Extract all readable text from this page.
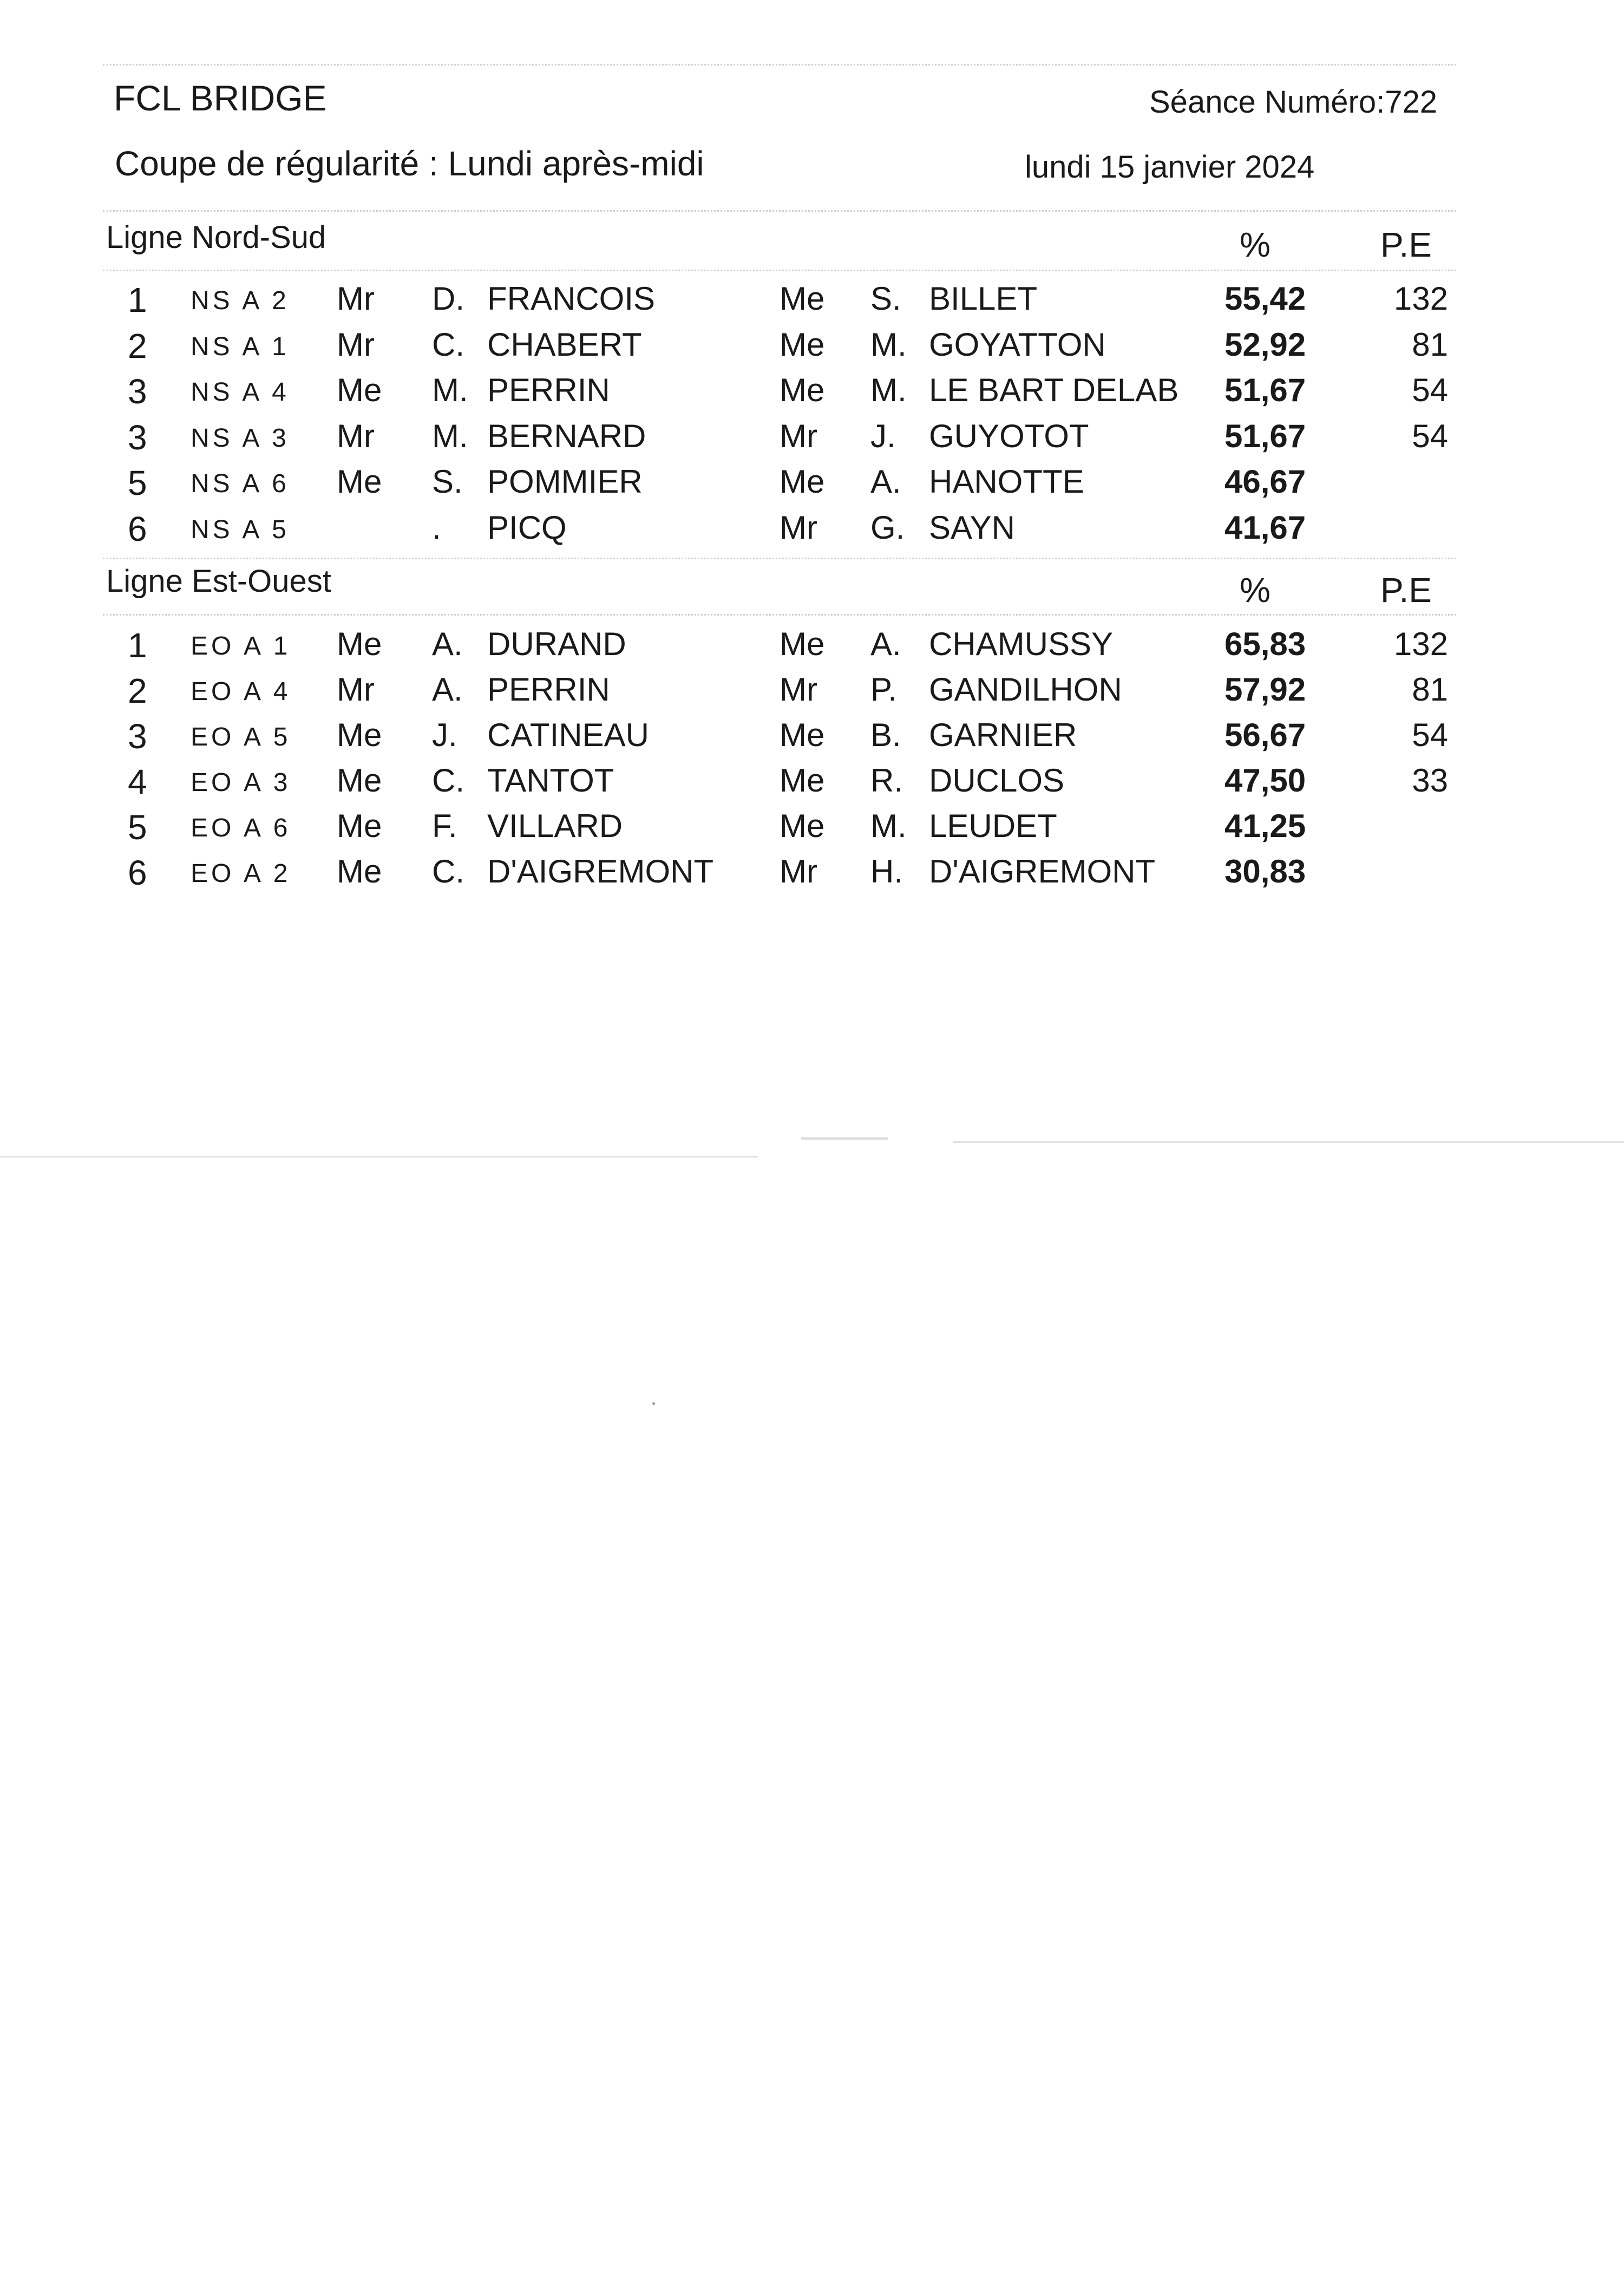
FCL BRIDGE	Séance Numéro:722
Coupe de régularité : Lundi après-midi	lundi 15 janvier 2024
Ligne Nord-Sud	%	P.E
1 NS A 2 Mr D. FRANCOIS	Me S. BILLET	55,42	132
2 NS A 1 Mr C. CHABERT	Me M. GOYATTON	52,92	81
3 NS A 4 Me M. PERRIN	Me M. LE BART DELAB 51,67	54
3 NS A 3 Mr M. BERNARD	Mr J. GUYOTOT	51,67	54
5 NS A 6 Me S. POMMIER	Me A. HANOTTE	46,67
6 NS A 5	. PICQ	Mr G. SAYN	41,67
Ligne Est-Ouest	%	P.E
1 EO A 1 Me A. DURAND	Me A. CHAMUSSY	65,83	132
2 EO A 4 Mr A. PERRIN	Mr P. GANDILHON	57,92	81
3 EO A 5 Me J. CATINEAU	Me B. GARNIER	56,67	54
4 EO A 3 Me C. TANTOT	Me R. DUCLOS	47,50	33
5 EO A 6 Me F. VILLARD	Me M. LEUDET	41,25
6 EO A 2 Me C. D'AIGREMONT Mr H. D'AIGREMONT 30,83
